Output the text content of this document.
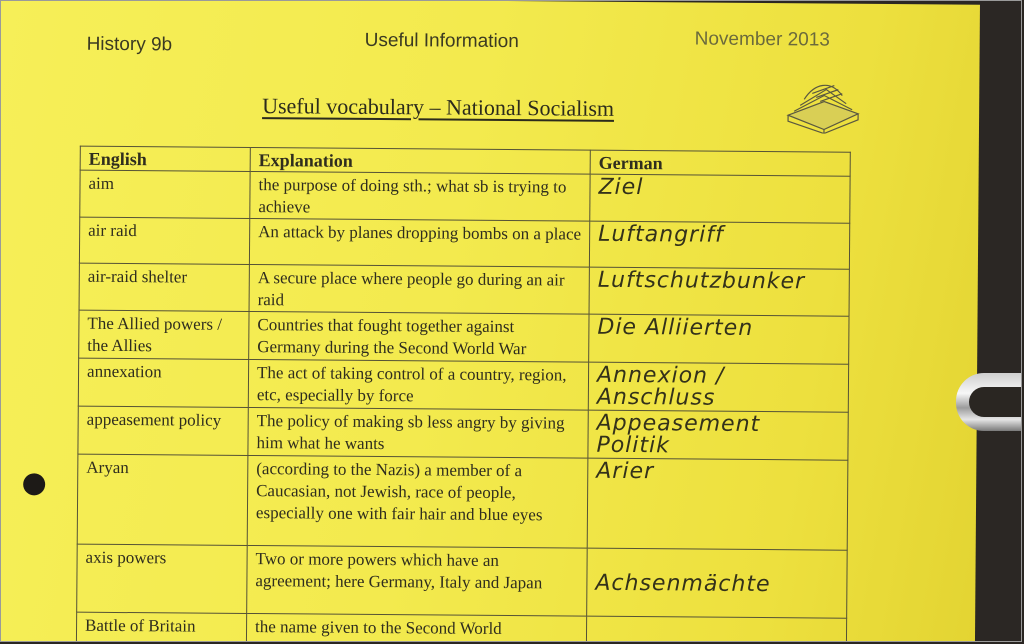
History 9b	Useful Information	November 2013
Useful vocabulary – National Socialism
English	Explanation	German
aim	the purpose of doing sth.; what sb is trying to achieve	Ziel
air raid	An attack by planes dropping bombs on a place	Luftangriff
air-raid shelter	A secure place where people go during an air raid	Luftschutzbunker
The Allied powers / the Allies	Countries that fought together against Germany during the Second World War	Die Alliierten
annexation	The act of taking control of a country, region, etc, especially by force	Annexion / Anschluss
appeasement policy	The policy of making sb less angry by giving him what he wants	Appeasement Politik
Aryan	(according to the Nazis) a member of a Caucasian, not Jewish, race of people, especially one with fair hair and blue eyes	Arier
axis powers	Two or more powers which have an agreement; here Germany, Italy and Japan	Achsenmächte
Battle of Britain	the name given to the Second World	
